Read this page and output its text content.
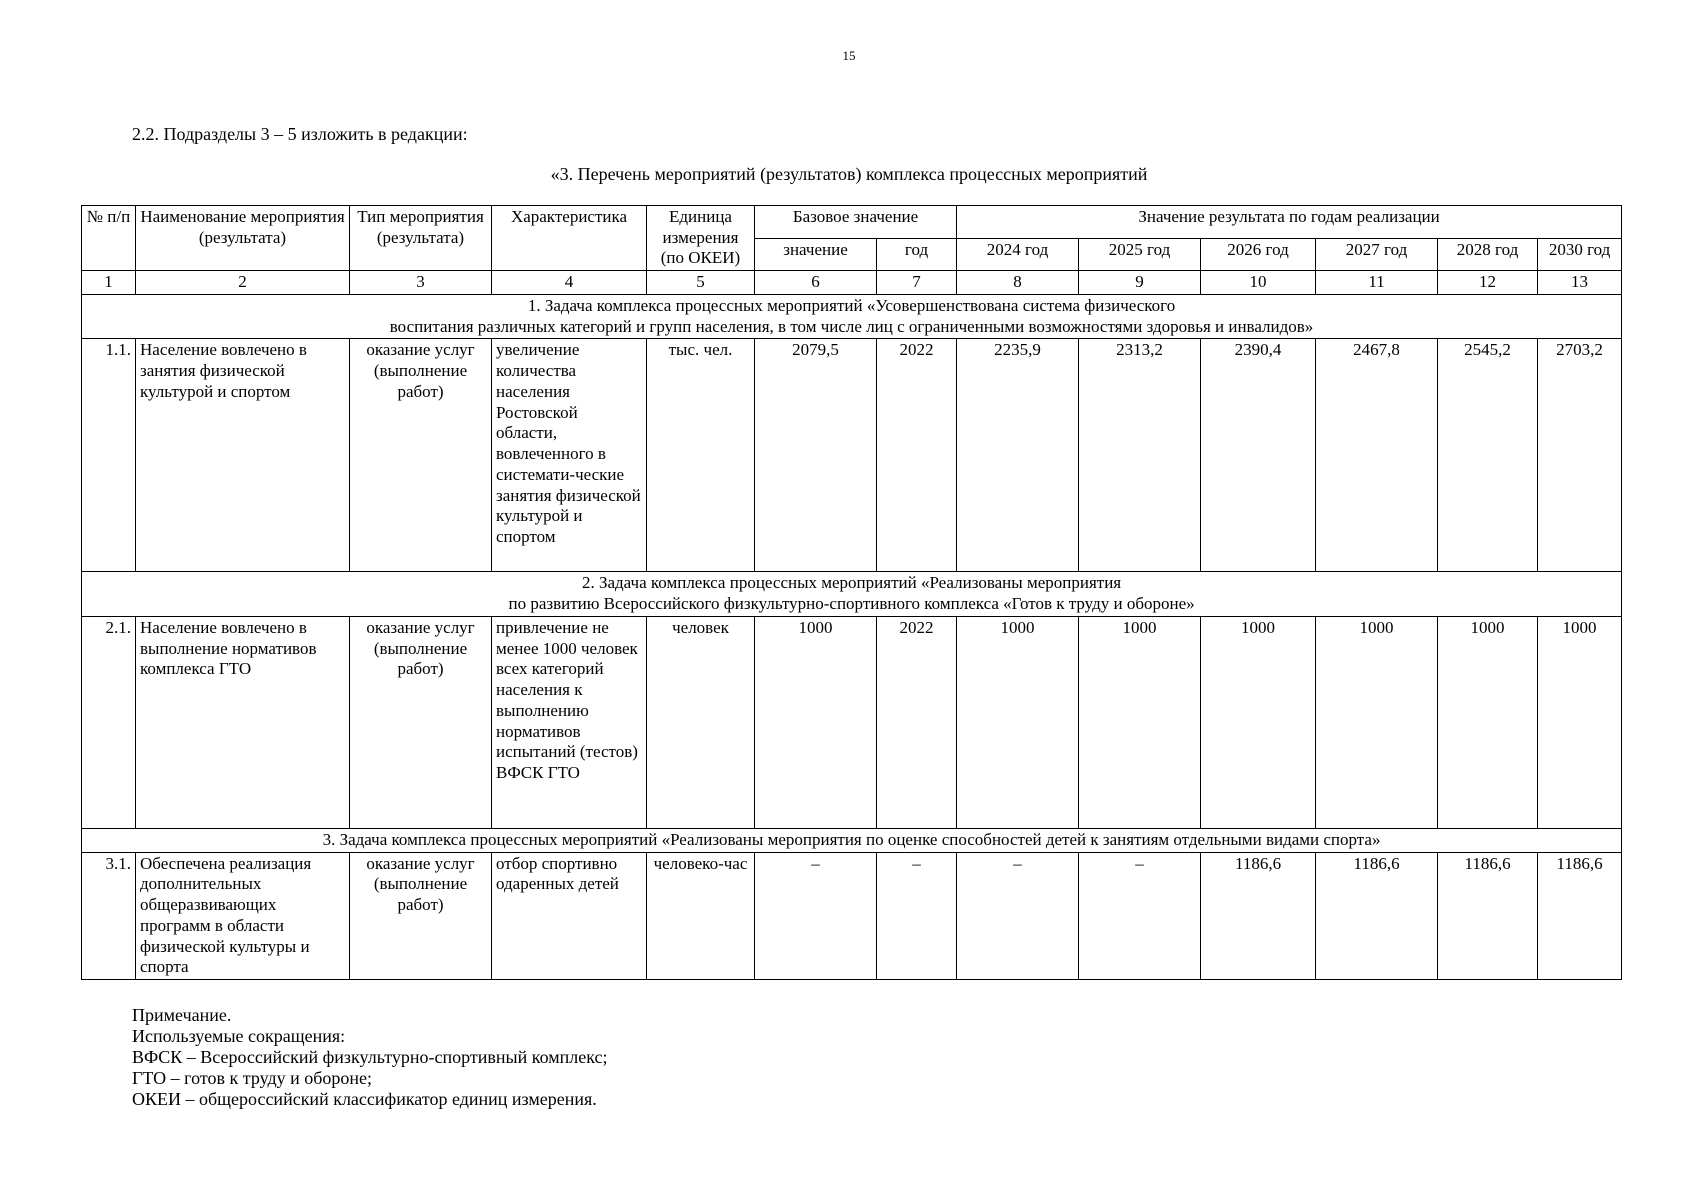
15
2.2. Подразделы 3 – 5 изложить в редакции:
«3. Перечень мероприятий (результатов) комплекса процессных мероприятий
№ п/п	Наименование мероприятия (результата)	Тип мероприятия (результата)	Характеристика	Единица измерения (по ОКЕИ)	Базовое значение		Значение результата по годам реализации					
					значение	год	2024 год	2025 год	2026 год	2027 год	2028 год	2030 год
1	2	3	4	5	6	7	8	9	10	11	12	13

1. Задача комплекса процессных мероприятий «Усовершенствована система физического
воспитания различных категорий и групп населения, в том числе лиц с ограниченными возможностями здоровья и инвалидов»												

1.1.	Население вовлечено в занятия физической культурой и спортом	оказание услуг (выполнение работ)	увеличение количества населения Ростовской области, вовлеченного в системати-ческие занятия физической культурой и спортом	тыс. чел.	2079,5	2022	2235,9	2313,2	2390,4	2467,8	2545,2	2703,2

2. Задача комплекса процессных мероприятий «Реализованы мероприятия
по развитию Всероссийского физкультурно-спортивного комплекса «Готов к труду и обороне»												

2.1.	Население вовлечено в выполнение нормативов комплекса ГТО	оказание услуг (выполнение работ)	привлечение не менее 1000 человек всех категорий населения к выполнению нормативов испытаний (тестов) ВФСК ГТО	человек	1000	2022	1000	1000	1000	1000	1000	1000

3. Задача комплекса процессных мероприятий «Реализованы мероприятия по оценке способностей детей к занятиям отдельными видами спорта»												

3.1.	Обеспечена реализация дополнительных общеразвивающих программ в области физической культуры и спорта	оказание услуг (выполнение работ)	отбор спортивно одаренных детей	человеко-час	–	–	–	–	1186,6	1186,6	1186,6	1186,6
Примечание.
Используемые сокращения:
ВФСК – Всероссийский физкультурно-спортивный комплекс;
ГТО – готов к труду и обороне;
ОКЕИ – общероссийский классификатор единиц измерения.
